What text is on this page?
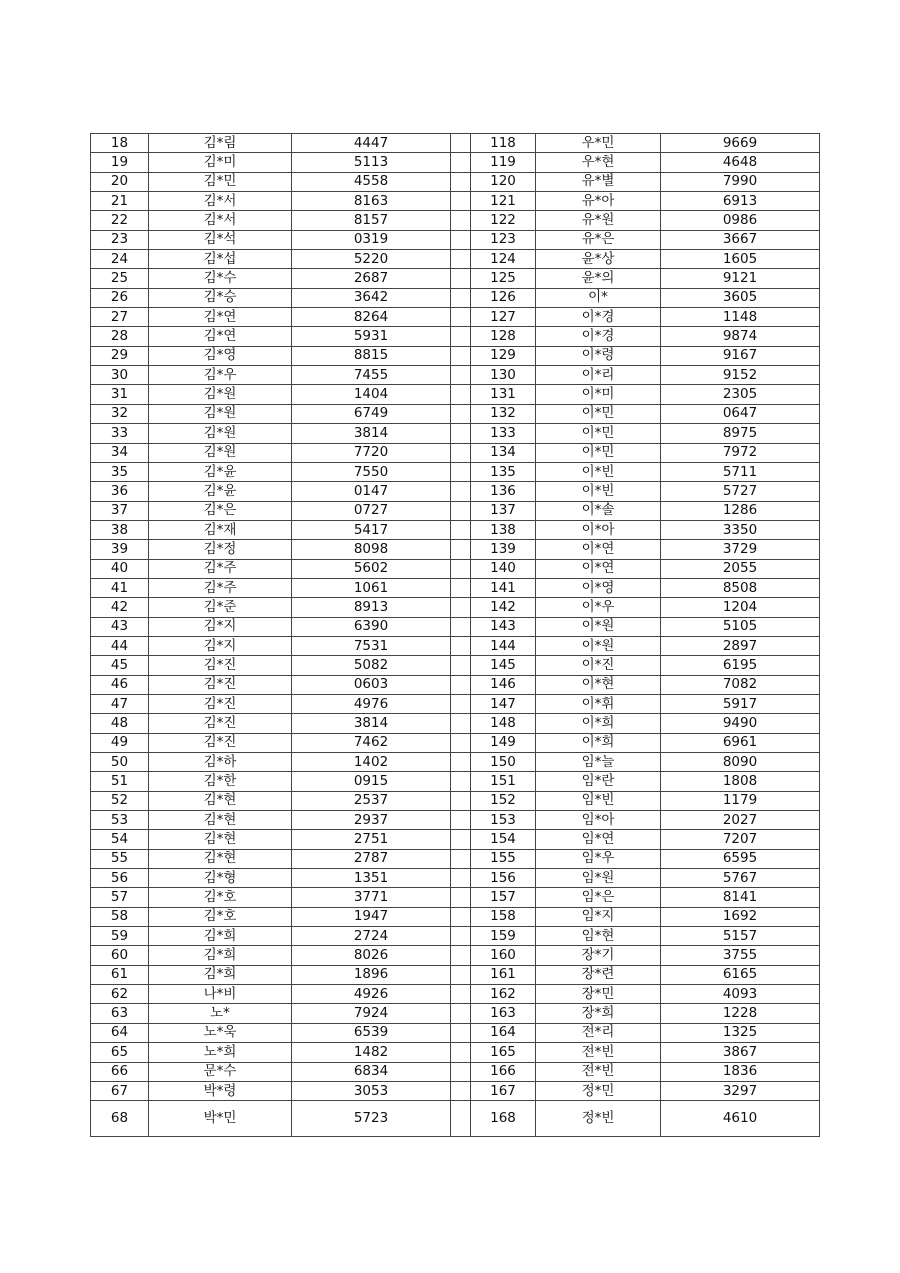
18	김*림	4447		118	우*민	9669
19	김*미	5113		119	우*현	4648
20	김*민	4558		120	유*별	7990
21	김*서	8163		121	유*아	6913
22	김*서	8157		122	유*원	0986
23	김*석	0319		123	유*은	3667
24	김*섭	5220		124	윤*상	1605
25	김*수	2687		125	윤*의	9121
26	김*승	3642		126	이*	3605
27	김*연	8264		127	이*경	1148
28	김*연	5931		128	이*경	9874
29	김*영	8815		129	이*령	9167
30	김*우	7455		130	이*리	9152
31	김*원	1404		131	이*미	2305
32	김*원	6749		132	이*민	0647
33	김*원	3814		133	이*민	8975
34	김*원	7720		134	이*민	7972
35	김*윤	7550		135	이*빈	5711
36	김*윤	0147		136	이*빈	5727
37	김*은	0727		137	이*솔	1286
38	김*재	5417		138	이*아	3350
39	김*정	8098		139	이*연	3729
40	김*주	5602		140	이*연	2055
41	김*주	1061		141	이*영	8508
42	김*준	8913		142	이*우	1204
43	김*지	6390		143	이*원	5105
44	김*지	7531		144	이*원	2897
45	김*진	5082		145	이*진	6195
46	김*진	0603		146	이*현	7082
47	김*진	4976		147	이*휘	5917
48	김*진	3814		148	이*희	9490
49	김*진	7462		149	이*희	6961
50	김*하	1402		150	임*늘	8090
51	김*한	0915		151	임*란	1808
52	김*현	2537		152	임*빈	1179
53	김*현	2937		153	임*아	2027
54	김*현	2751		154	임*연	7207
55	김*현	2787		155	임*우	6595
56	김*형	1351		156	임*원	5767
57	김*호	3771		157	임*은	8141
58	김*호	1947		158	임*지	1692
59	김*희	2724		159	임*현	5157
60	김*희	8026		160	장*기	3755
61	김*희	1896		161	장*련	6165
62	나*비	4926		162	장*민	4093
63	노*	7924		163	장*희	1228
64	노*욱	6539		164	전*리	1325
65	노*희	1482		165	전*빈	3867
66	문*수	6834		166	전*빈	1836
67	박*령	3053		167	정*민	3297
68	박*민	5723		168	정*빈	4610
